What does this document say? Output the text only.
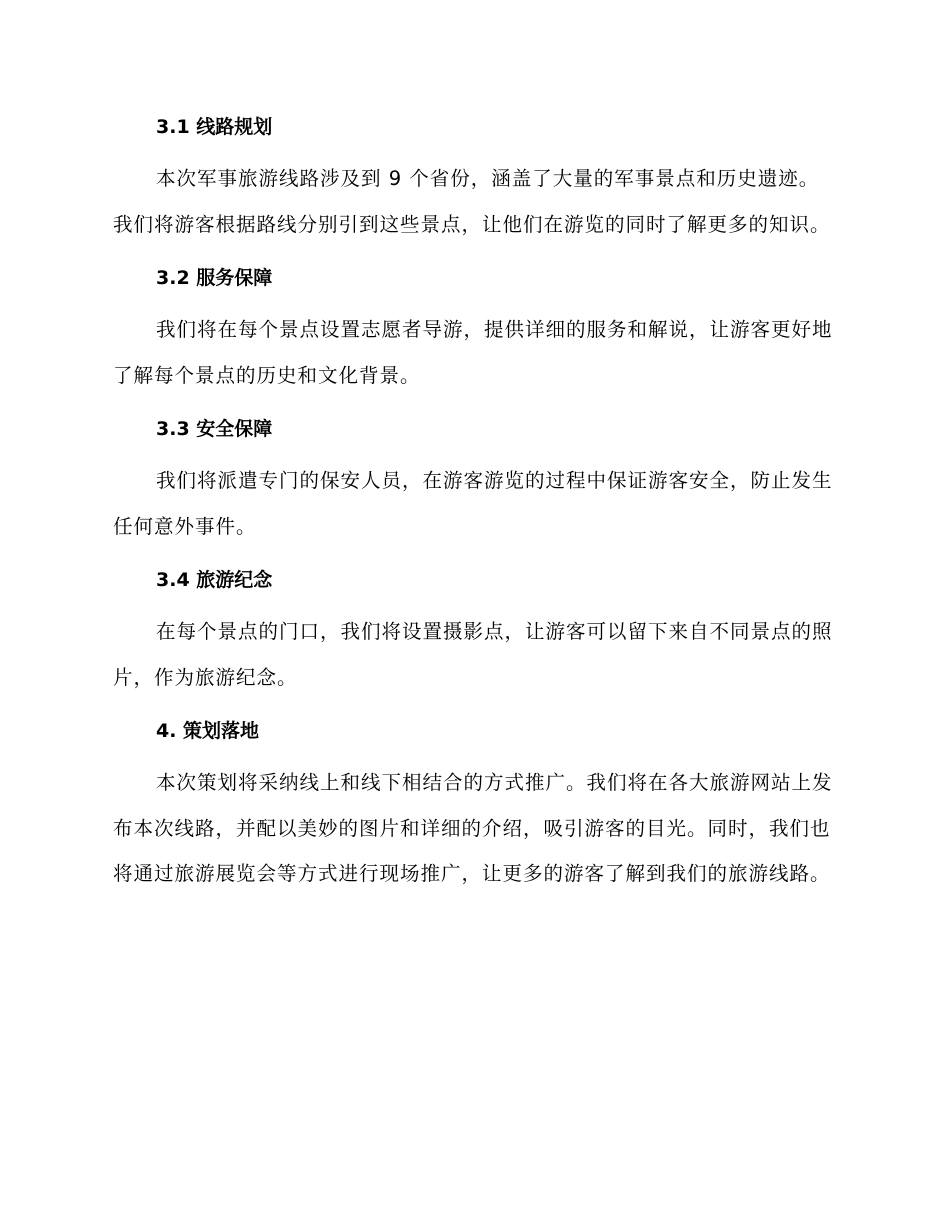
3.1 线路规划

本次军事旅游线路涉及到 9 个省份，涵盖了大量的军事景点和历史遗迹。我们将游客根据路线分别引到这些景点，让他们在游览的同时了解更多的知识。

3.2 服务保障

我们将在每个景点设置志愿者导游，提供详细的服务和解说，让游客更好地了解每个景点的历史和文化背景。

3.3 安全保障

我们将派遣专门的保安人员，在游客游览的过程中保证游客安全，防止发生任何意外事件。

3.4 旅游纪念

在每个景点的门口，我们将设置摄影点，让游客可以留下来自不同景点的照片，作为旅游纪念。

4. 策划落地

本次策划将采纳线上和线下相结合的方式推广。我们将在各大旅游网站上发布本次线路，并配以美妙的图片和详细的介绍，吸引游客的目光。同时，我们也将通过旅游展览会等方式进行现场推广，让更多的游客了解到我们的旅游线路。
